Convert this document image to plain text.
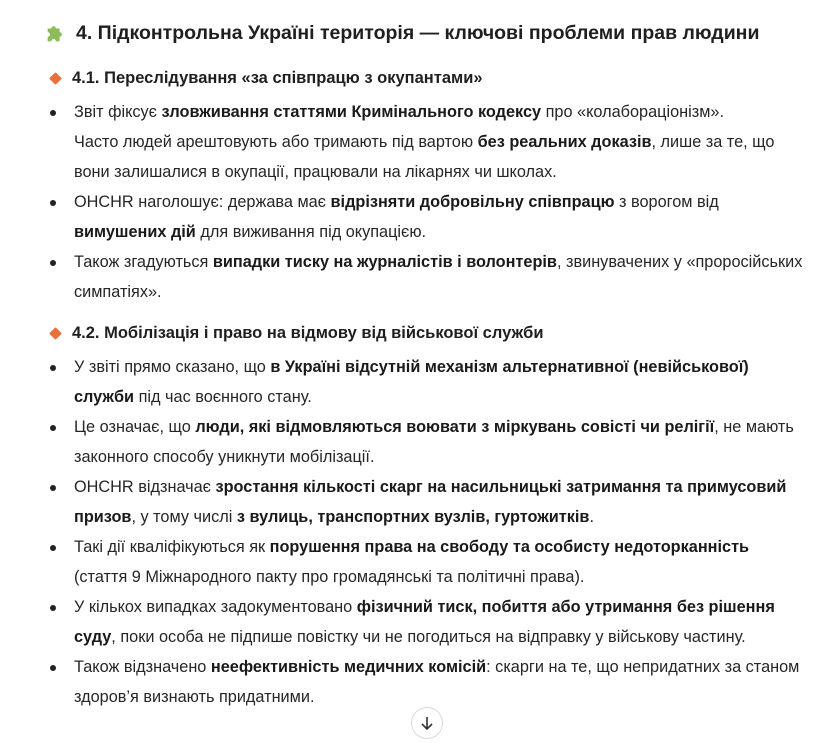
4. Підконтрольна Україні територія — ключові проблеми прав людини
4.1. Переслідування «за співпрацю з окупантами»
Звіт фіксує зловживання статтями Кримінального кодексу про «колабораціонізм».
Часто людей арештовують або тримають під вартою без реальних доказів, лише за те, що вони залишалися в окупації, працювали на лікарнях чи школах.
OHCHR наголошує: держава має відрізняти добровільну співпрацю з ворогом від вимушених дій для виживання під окупацією.
Також згадуються випадки тиску на журналістів і волонтерів, звинувачених у «проросійських симпатіях».
4.2. Мобілізація і право на відмову від військової служби
У звіті прямо сказано, що в Україні відсутній механізм альтернативної (невійськової) служби під час воєнного стану.
Це означає, що люди, які відмовляються воювати з міркувань совісті чи релігії, не мають законного способу уникнути мобілізації.
OHCHR відзначає зростання кількості скарг на насильницькі затримання та примусовий призов, у тому числі з вулиць, транспортних вузлів, гуртожитків.
Такі дії кваліфікуються як порушення права на свободу та особисту недоторканність (стаття 9 Міжнародного пакту про громадянські та політичні права).
У кількох випадках задокументовано фізичний тиск, побиття або утримання без рішення суду, поки особа не підпише повістку чи не погодиться на відправку у військову частину.
Також відзначено неефективність медичних комісій: скарги на те, що непридатних за станом здоров’я визнають придатними.
